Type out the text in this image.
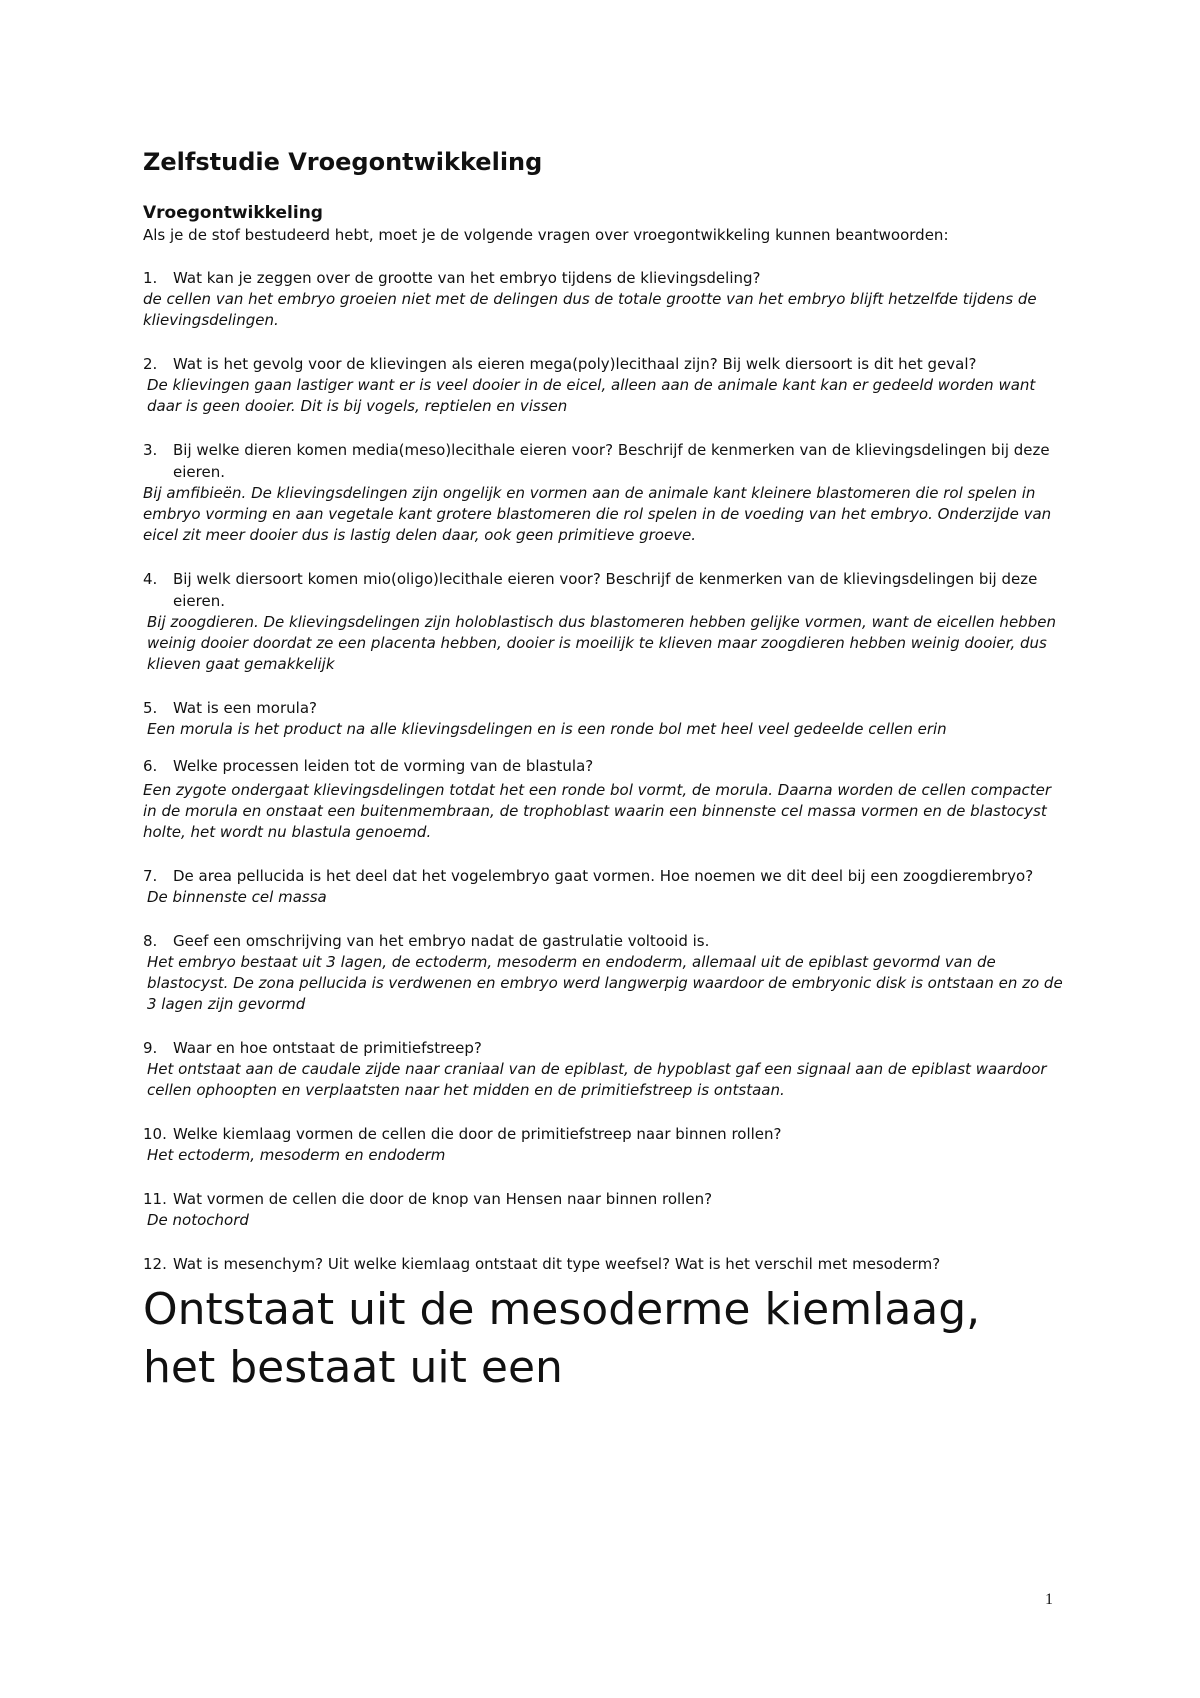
Zelfstudie Vroegontwikkeling
Vroegontwikkeling

Als je de stof bestudeerd hebt, moet je de volgende vragen over vroegontwikkeling kunnen beantwoorden:

1.	Wat kan je zeggen over de grootte van het embryo tijdens de klievingsdeling?

de cellen van het embryo groeien niet met de delingen dus de totale grootte van het embryo blijft hetzelfde tijdens de klievingsdelingen.

2.	Wat is het gevolg voor de klievingen als eieren mega(poly)lecithaal zijn? Bij welk diersoort is dit het geval?

De klievingen gaan lastiger want er is veel dooier in de eicel, alleen aan de animale kant kan er gedeeld worden want daar is geen dooier. Dit is bij vogels, reptielen en vissen

3.	Bij welke dieren komen media(meso)lecithale eieren voor? Beschrijf de kenmerken van de klievingsdelingen bij deze eieren.

Bij amfibieën. De klievingsdelingen zijn ongelijk en vormen aan de animale kant kleinere blastomeren die rol spelen in embryo vorming en aan vegetale kant grotere blastomeren die rol spelen in de voeding van het embryo. Onderzijde van eicel zit meer dooier dus is lastig delen daar, ook geen primitieve groeve.

4.	Bij welk diersoort komen mio(oligo)lecithale eieren voor? Beschrijf de kenmerken van de klievingsdelingen bij deze eieren.

Bij zoogdieren. De klievingsdelingen zijn holoblastisch dus blastomeren hebben gelijke vormen, want de eicellen hebben weinig dooier doordat ze een placenta hebben, dooier is moeilijk te klieven maar zoogdieren hebben weinig dooier, dus klieven gaat gemakkelijk

5.	Wat is een morula?

Een morula is het product na alle klievingsdelingen en is een ronde bol met heel veel gedeelde cellen erin

6.	Welke processen leiden tot de vorming van de blastula?

Een zygote ondergaat klievingsdelingen totdat het een ronde bol vormt, de morula. Daarna worden de cellen compacter in de morula en onstaat een buitenmembraan, de trophoblast waarin een binnenste cel massa vormen en de blastocyst holte, het wordt nu blastula genoemd.

7.	De area pellucida is het deel dat het vogelembryo gaat vormen. Hoe noemen we dit deel bij een zoogdierembryo?

De binnenste cel massa

8.	Geef een omschrijving van het embryo nadat de gastrulatie voltooid is.

Het embryo bestaat uit 3 lagen, de ectoderm, mesoderm en endoderm, allemaal uit de epiblast gevormd van de blastocyst. De zona pellucida is verdwenen en embryo werd langwerpig waardoor de embryonic disk is ontstaan en zo de 3 lagen zijn gevormd

9.	Waar en hoe ontstaat de primitiefstreep?

Het ontstaat aan de caudale zijde naar craniaal van de epiblast, de hypoblast gaf een signaal aan de epiblast waardoor cellen ophoopten en verplaatsten naar het midden en de primitiefstreep is ontstaan.

10. Welke kiemlaag vormen de cellen die door de primitiefstreep naar binnen rollen?

Het ectoderm, mesoderm en endoderm

11. Wat vormen de cellen die door de knop van Hensen naar binnen rollen?

De notochord

12. Wat is mesenchym? Uit welke kiemlaag ontstaat dit type weefsel? Wat is het verschil met mesoderm?

Ontstaat uit de mesoderme kiemlaag, het bestaat uit een

1
